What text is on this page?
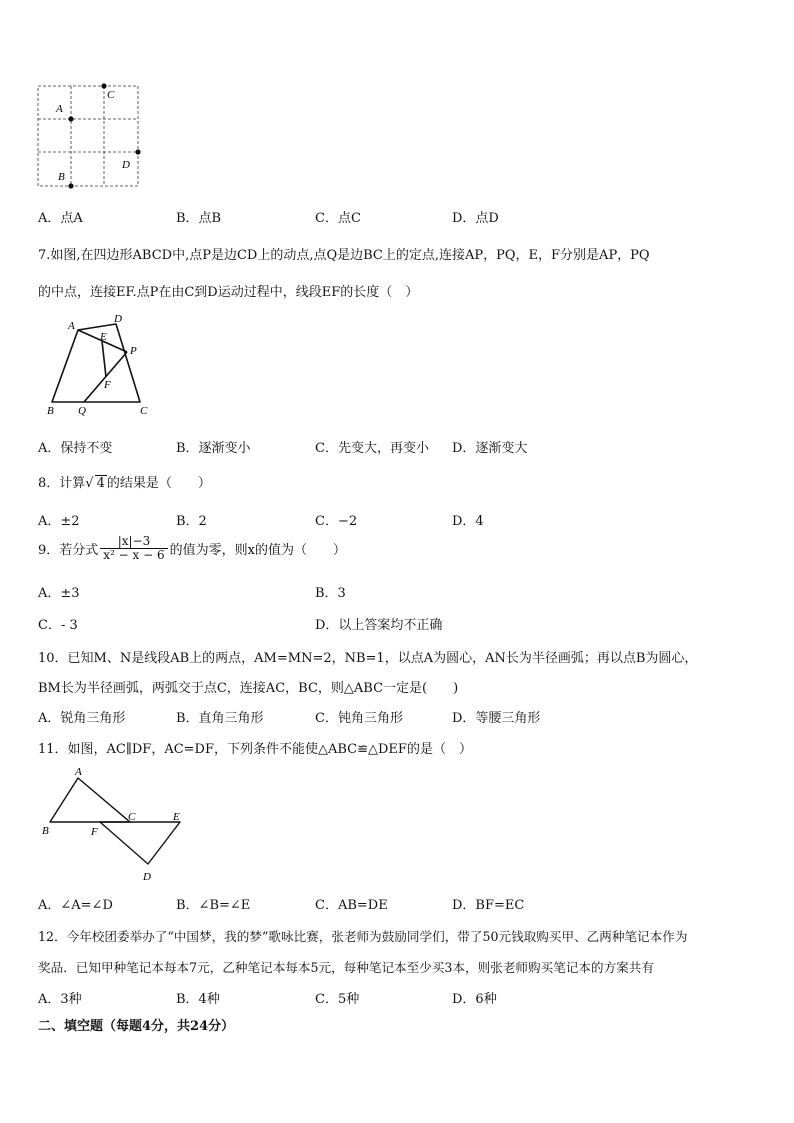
A
C
D
B
A．点A	B．点B	C．点C	D．点D
7.如图,在四边形ABCD中,点P是边CD上的动点,点Q是边BC上的定点,连接AP，PQ，E，F分别是AP，PQ
的中点，连接EF.点P在由C到D运动过程中，线段EF的长度（　）
A
D
E
P
F
B Q	C
A．保持不变	B．逐渐变小	C．先变大，再变小 D．逐渐变大
8．计算√ 4 的结果是（　　）
A．±2	B．2	C．−2	D．4
9．若分式 $\frac{|x|-3}{\text{x² − x − 6}}$ 的值为零，则x的值为（　　）
A．±3	B．3
C．- 3	D．以上答案均不正确
10．已知M、N是线段AB上的两点，AM=MN=2，NB=1，以点A为圆心，AN长为半径画弧；再以点B为圆心，
BM长为半径画弧，两弧交于点C，连接AC，BC，则△ABC一定是(　　)
A．锐角三角形	B．直角三角形	C．钝角三角形	D．等腰三角形
11．如图，AC∥DF，AC=DF，下列条件不能使△ABC≌△DEF的是（　）
A
B	F
C	E
D
A．∠A=∠D	B．∠B=∠E	C．AB=DE	D．BF=EC
12．今年校团委举办了“中国梦，我的梦”歌咏比赛，张老师为鼓励同学们，带了50元钱取购买甲、乙两种笔记本作为
奖品．已知甲种笔记本每本7元，乙种笔记本每本5元，每种笔记本至少买3本，则张老师购买笔记本的方案共有
A．3种	B．4种	C．5种	D．6种
二、填空题（每题4分，共24分）
